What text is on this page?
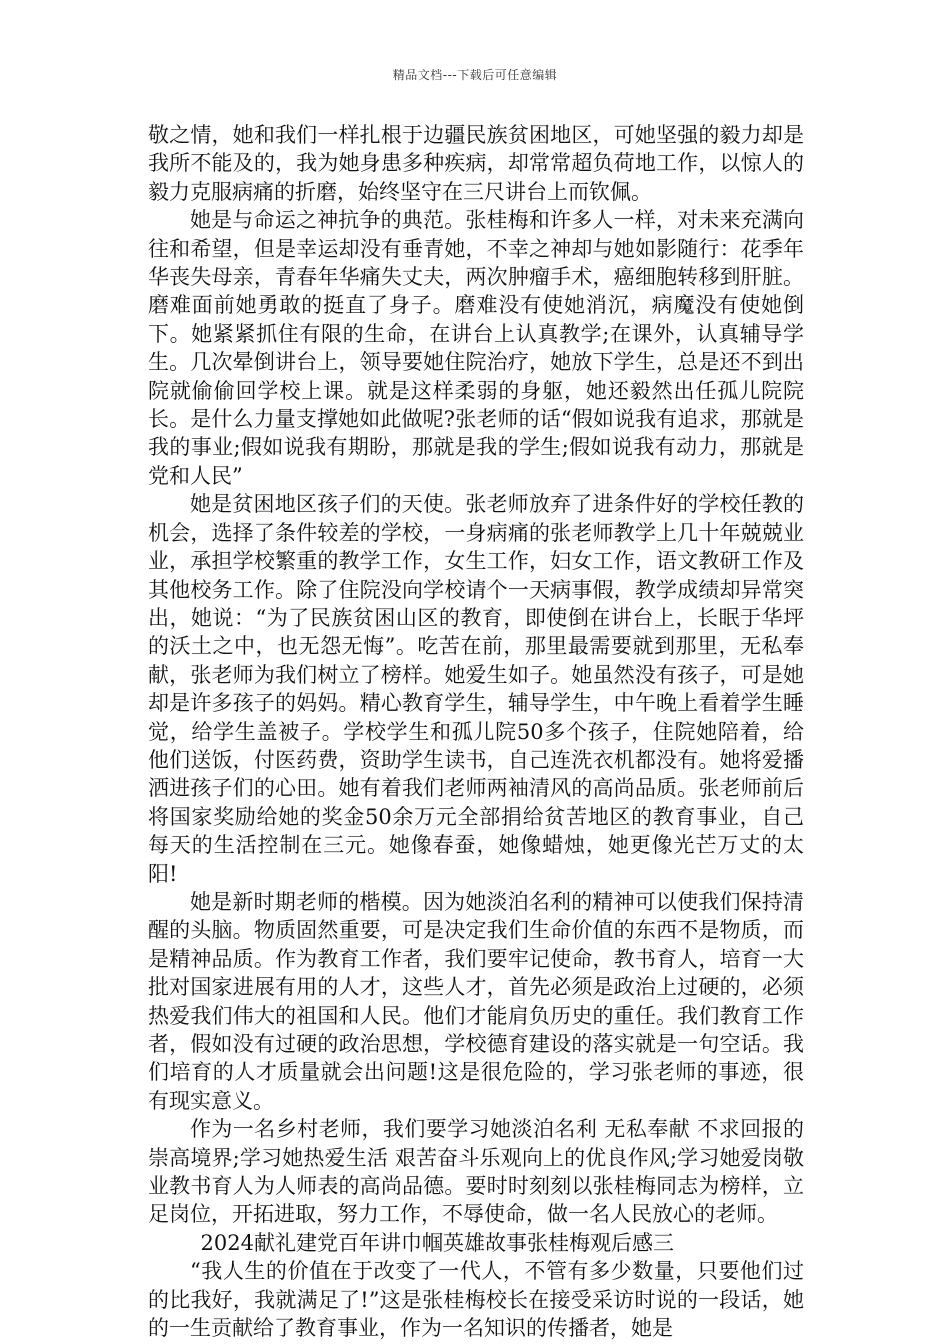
精品文档---下载后可任意编辑

敬之情，她和我们一样扎根于边疆民族贫困地区，可她坚强的毅力却是我所不能及的，我为她身患多种疾病，却常常超负荷地工作，以惊人的毅力克服病痛的折磨，始终坚守在三尺讲台上而钦佩。

她是与命运之神抗争的典范。张桂梅和许多人一样，对未来充满向往和希望，但是幸运却没有垂青她，不幸之神却与她如影随行：花季年华丧失母亲，青春年华痛失丈夫，两次肿瘤手术，癌细胞转移到肝脏。磨难面前她勇敢的挺直了身子。磨难没有使她消沉，病魔没有使她倒下。她紧紧抓住有限的生命，在讲台上认真教学;在课外，认真辅导学生。几次晕倒讲台上，领导要她住院治疗，她放下学生，总是还不到出院就偷偷回学校上课。就是这样柔弱的身躯，她还毅然出任孤儿院院长。是什么力量支撑她如此做呢?张老师的话“假如说我有追求，那就是我的事业;假如说我有期盼，那就是我的学生;假如说我有动力，那就是党和人民”

她是贫困地区孩子们的天使。张老师放弃了进条件好的学校任教的机会，选择了条件较差的学校，一身病痛的张老师教学上几十年兢兢业业，承担学校繁重的教学工作，女生工作，妇女工作，语文教研工作及其他校务工作。除了住院没向学校请个一天病事假，教学成绩却异常突出，她说：“为了民族贫困山区的教育，即使倒在讲台上，长眠于华坪的沃土之中，也无怨无悔”。吃苦在前，那里最需要就到那里，无私奉献，张老师为我们树立了榜样。她爱生如子。她虽然没有孩子，可是她却是许多孩子的妈妈。精心教育学生，辅导学生，中午晚上看着学生睡觉，给学生盖被子。学校学生和孤儿院50多个孩子，住院她陪着，给他们送饭，付医药费，资助学生读书，自己连洗衣机都没有。她将爱播洒进孩子们的心田。她有着我们老师两袖清风的高尚品质。张老师前后将国家奖励给她的奖金50余万元全部捐给贫苦地区的教育事业，自己每天的生活控制在三元。她像春蚕，她像蜡烛，她更像光芒万丈的太阳!

她是新时期老师的楷模。因为她淡泊名利的精神可以使我们保持清醒的头脑。物质固然重要，可是决定我们生命价值的东西不是物质，而是精神品质。作为教育工作者，我们要牢记使命，教书育人，培育一大批对国家进展有用的人才，这些人才，首先必须是政治上过硬的，必须热爱我们伟大的祖国和人民。他们才能肩负历史的重任。我们教育工作者，假如没有过硬的政治思想，学校德育建设的落实就是一句空话。我们培育的人才质量就会出问题!这是很危险的，学习张老师的事迹，很有现实意义。

作为一名乡村老师，我们要学习她淡泊名利 无私奉献 不求回报的崇高境界;学习她热爱生活 艰苦奋斗乐观向上的优良作风;学习她爱岗敬业教书育人为人师表的高尚品德。要时时刻刻以张桂梅同志为榜样，立足岗位，开拓进取，努力工作，不辱使命，做一名人民放心的老师。

2024献礼建党百年讲巾帼英雄故事张桂梅观后感三

“我人生的价值在于改变了一代人，不管有多少数量，只要他们过的比我好，我就满足了!”这是张桂梅校长在接受采访时说的一段话，她的一生贡献给了教育事业，作为一名知识的传播者，她是
